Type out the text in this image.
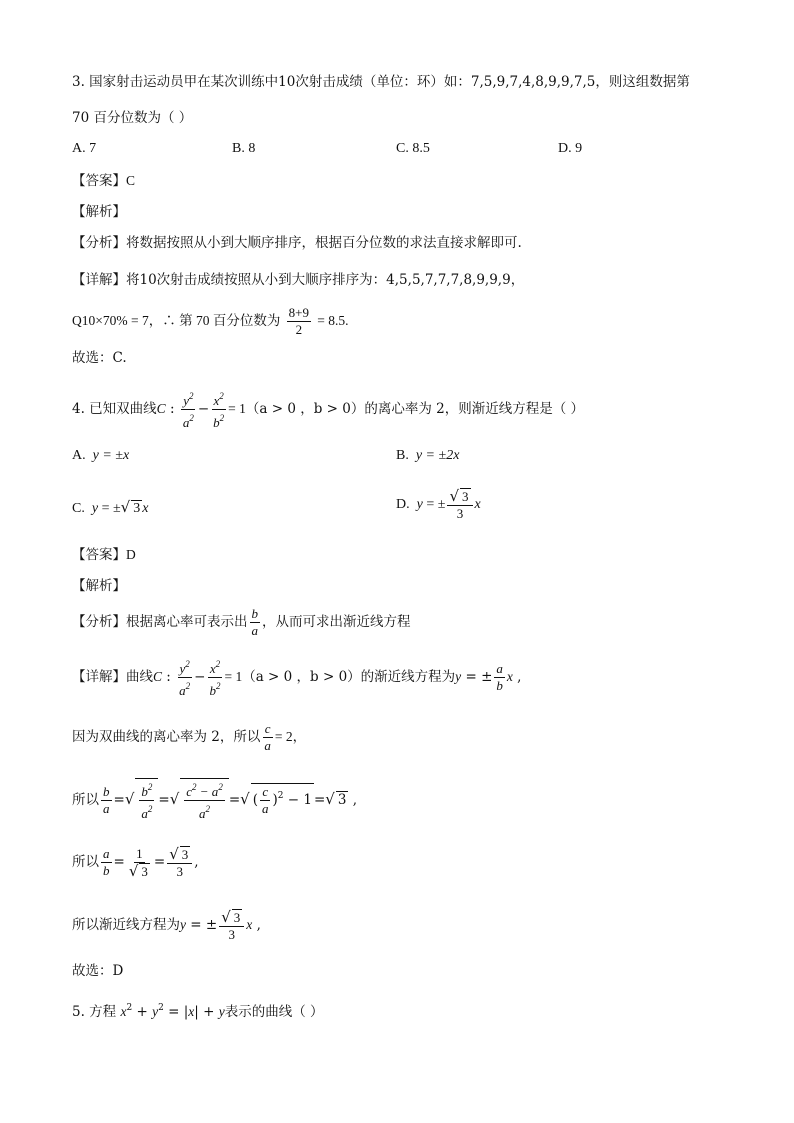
3. 国家射击运动员甲在某次训练中10次射击成绩（单位：环）如：7,5,9,7,4,8,9,9,7,5，则这组数据第
70 百分位数为（ ）
A. 7	B. 8	C. 8.5	D. 9
【答案】C
【解析】
【分析】将数据按照从小到大顺序排序，根据百分位数的求法直接求解即可.
【详解】将10次射击成绩按照从小到大顺序排序为：4,5,5,7,7,7,8,9,9,9，
Q10×70% = 7，∴ 第 70 百分位数为 $\frac{8+9}{2} = 8.5$.
故选：C.
4. 已知双曲线C : $\frac{y^2}{a^2} - \frac{x^2}{b^2} = 1(a > 0$ ，b > 0）的离心率为 2，则渐近线方程是（ ）
A. y = ±x	B. y = ±2x
C. y = ±√ 3 x	D. y = ± $\frac{√ 3}{3}$ x
【答案】D
【解析】
【分析】根据离心率可表示出 $\frac{b}{a}$ ，从而可求出渐近线方程
【详解】曲线C : $\frac{y^2}{a^2} - \frac{x^2}{b^2} = 1(a > 0$ ，b > 0）的渐近线方程为y = ± $\frac{a}{b}$ x ,
因为双曲线的离心率为 2，所以 $\frac{c}{a} = 2$，
所以 $\frac{b}{a}$ =√ $\frac{b^2}{a^2}$ =√ $\frac{c^2 - a^2}{a^2}$ =√ ( $\frac{c}{a} )^2 - 1$ =√ 3 ,
所以 $\frac{a}{b} = \frac{1}{√ 3} = \frac{√ 3}{3}$ ,
所以渐近线方程为y = ± $\frac{√ 3}{3}$ x ,
故选：D
5. 方程 $x^2 + y^2 = |x| + y$表示的曲线（ ）
